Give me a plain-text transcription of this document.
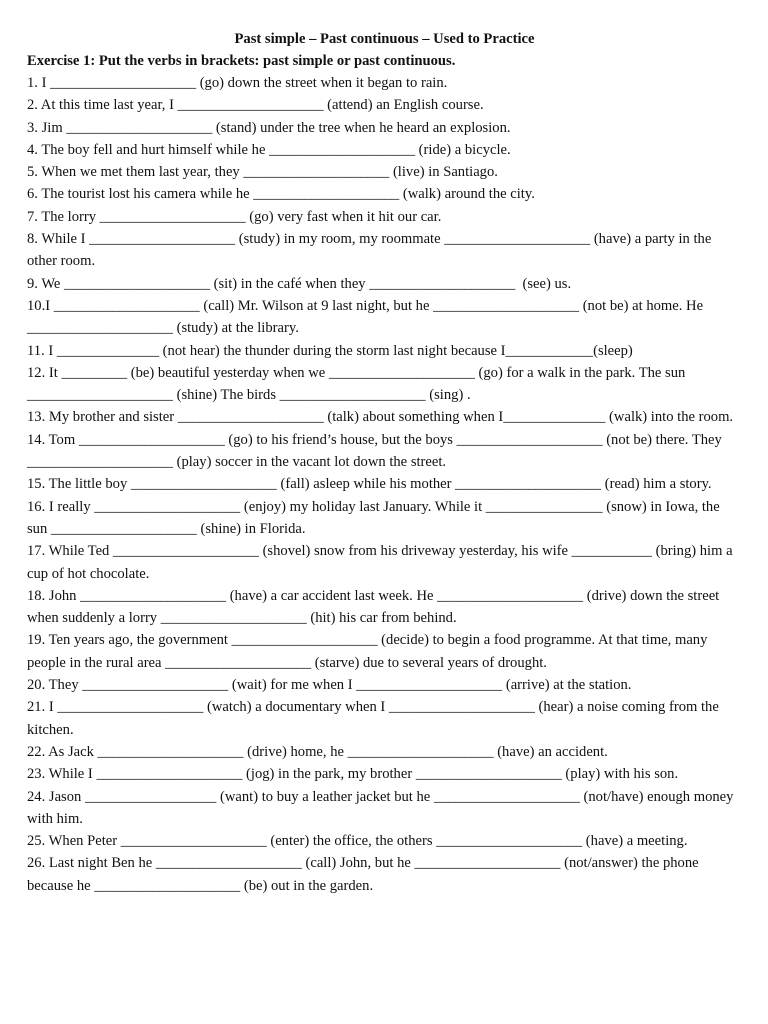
Past simple – Past continuous – Used to Practice

Exercise 1: Put the verbs in brackets: past simple or past continuous.

1. I ____________________ (go) down the street when it began to rain.

2. At this time last year, I ____________________ (attend) an English course.

3. Jim ____________________ (stand) under the tree when he heard an explosion.

4. The boy fell and hurt himself while he ____________________ (ride) a bicycle.

5. When we met them last year, they ____________________ (live) in Santiago.

6. The tourist lost his camera while he ____________________ (walk) around the city.

7. The lorry ____________________ (go) very fast when it hit our car.

8. While I ____________________ (study) in my room, my roommate ____________________ (have) a party in the other room.

9. We ____________________ (sit) in the café when they ____________________  (see) us.

10.I ____________________ (call) Mr. Wilson at 9 last night, but he ____________________ (not be) at home. He ____________________ (study) at the library.

11. I ______________ (not hear) the thunder during the storm last night because I____________(sleep)

12. It _________ (be) beautiful yesterday when we ____________________ (go) for a walk in the park. The sun ____________________ (shine) The birds ____________________ (sing) .

13. My brother and sister ____________________ (talk) about something when I______________ (walk) into the room.

14. Tom ____________________ (go) to his friend’s house, but the boys ____________________ (not be) there. They ____________________ (play) soccer in the vacant lot down the street.

15. The little boy ____________________ (fall) asleep while his mother ____________________ (read) him a story.

16. I really ____________________ (enjoy) my holiday last January. While it ________________ (snow) in Iowa, the sun ____________________ (shine) in Florida.

17. While Ted ____________________ (shovel) snow from his driveway yesterday, his wife ___________ (bring) him a cup of hot chocolate.

18. John ____________________ (have) a car accident last week. He ____________________ (drive) down the street when suddenly a lorry ____________________ (hit) his car from behind.

19. Ten years ago, the government ____________________ (decide) to begin a food programme. At that time, many people in the rural area ____________________ (starve) due to several years of drought.

20. They ____________________ (wait) for me when I ____________________ (arrive) at the station.

21. I ____________________ (watch) a documentary when I ____________________ (hear) a noise coming from the kitchen.

22. As Jack ____________________ (drive) home, he ____________________ (have) an accident.

23. While I ____________________ (jog) in the park, my brother ____________________ (play) with his son.

24. Jason __________________ (want) to buy a leather jacket but he ____________________ (not/have) enough money with him.

25. When Peter ____________________ (enter) the office, the others ____________________ (have) a meeting.

26. Last night Ben he ____________________ (call) John, but he ____________________ (not/answer) the phone because he ____________________ (be) out in the garden.
